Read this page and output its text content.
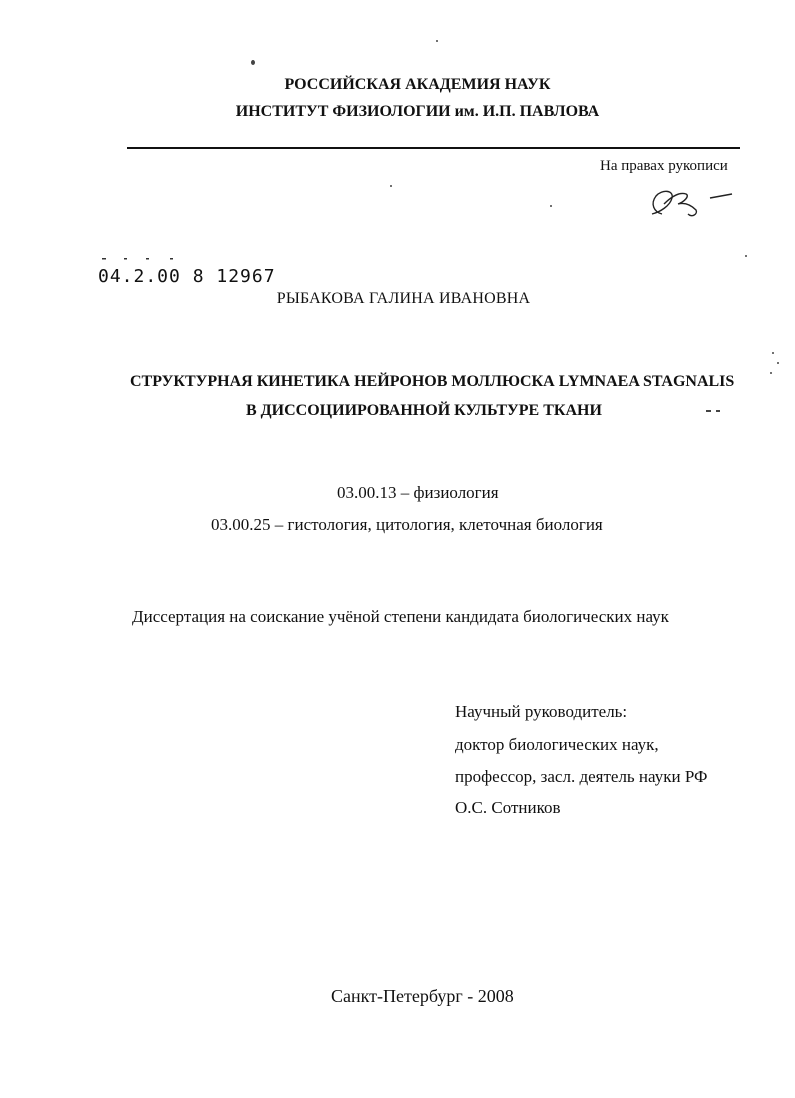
РОССИЙСКАЯ АКАДЕМИЯ НАУК
ИНСТИТУТ ФИЗИОЛОГИИ им. И.П. ПАВЛОВА
На правах рукописи
04.2.00 8 12967
РЫБАКОВА ГАЛИНА ИВАНОВНА
СТРУКТУРНАЯ КИНЕТИКА НЕЙРОНОВ МОЛЛЮСКА LYMNAEA STAGNALIS
В ДИССОЦИИРОВАННОЙ КУЛЬТУРЕ ТКАНИ
03.00.13 – физиология
03.00.25 – гистология, цитология, клеточная биология
Диссертация на соискание учёной степени кандидата биологических наук
Научный руководитель:
доктор биологических наук,
профессор, засл. деятель науки РФ
О.С. Сотников
Санкт-Петербург - 2008
